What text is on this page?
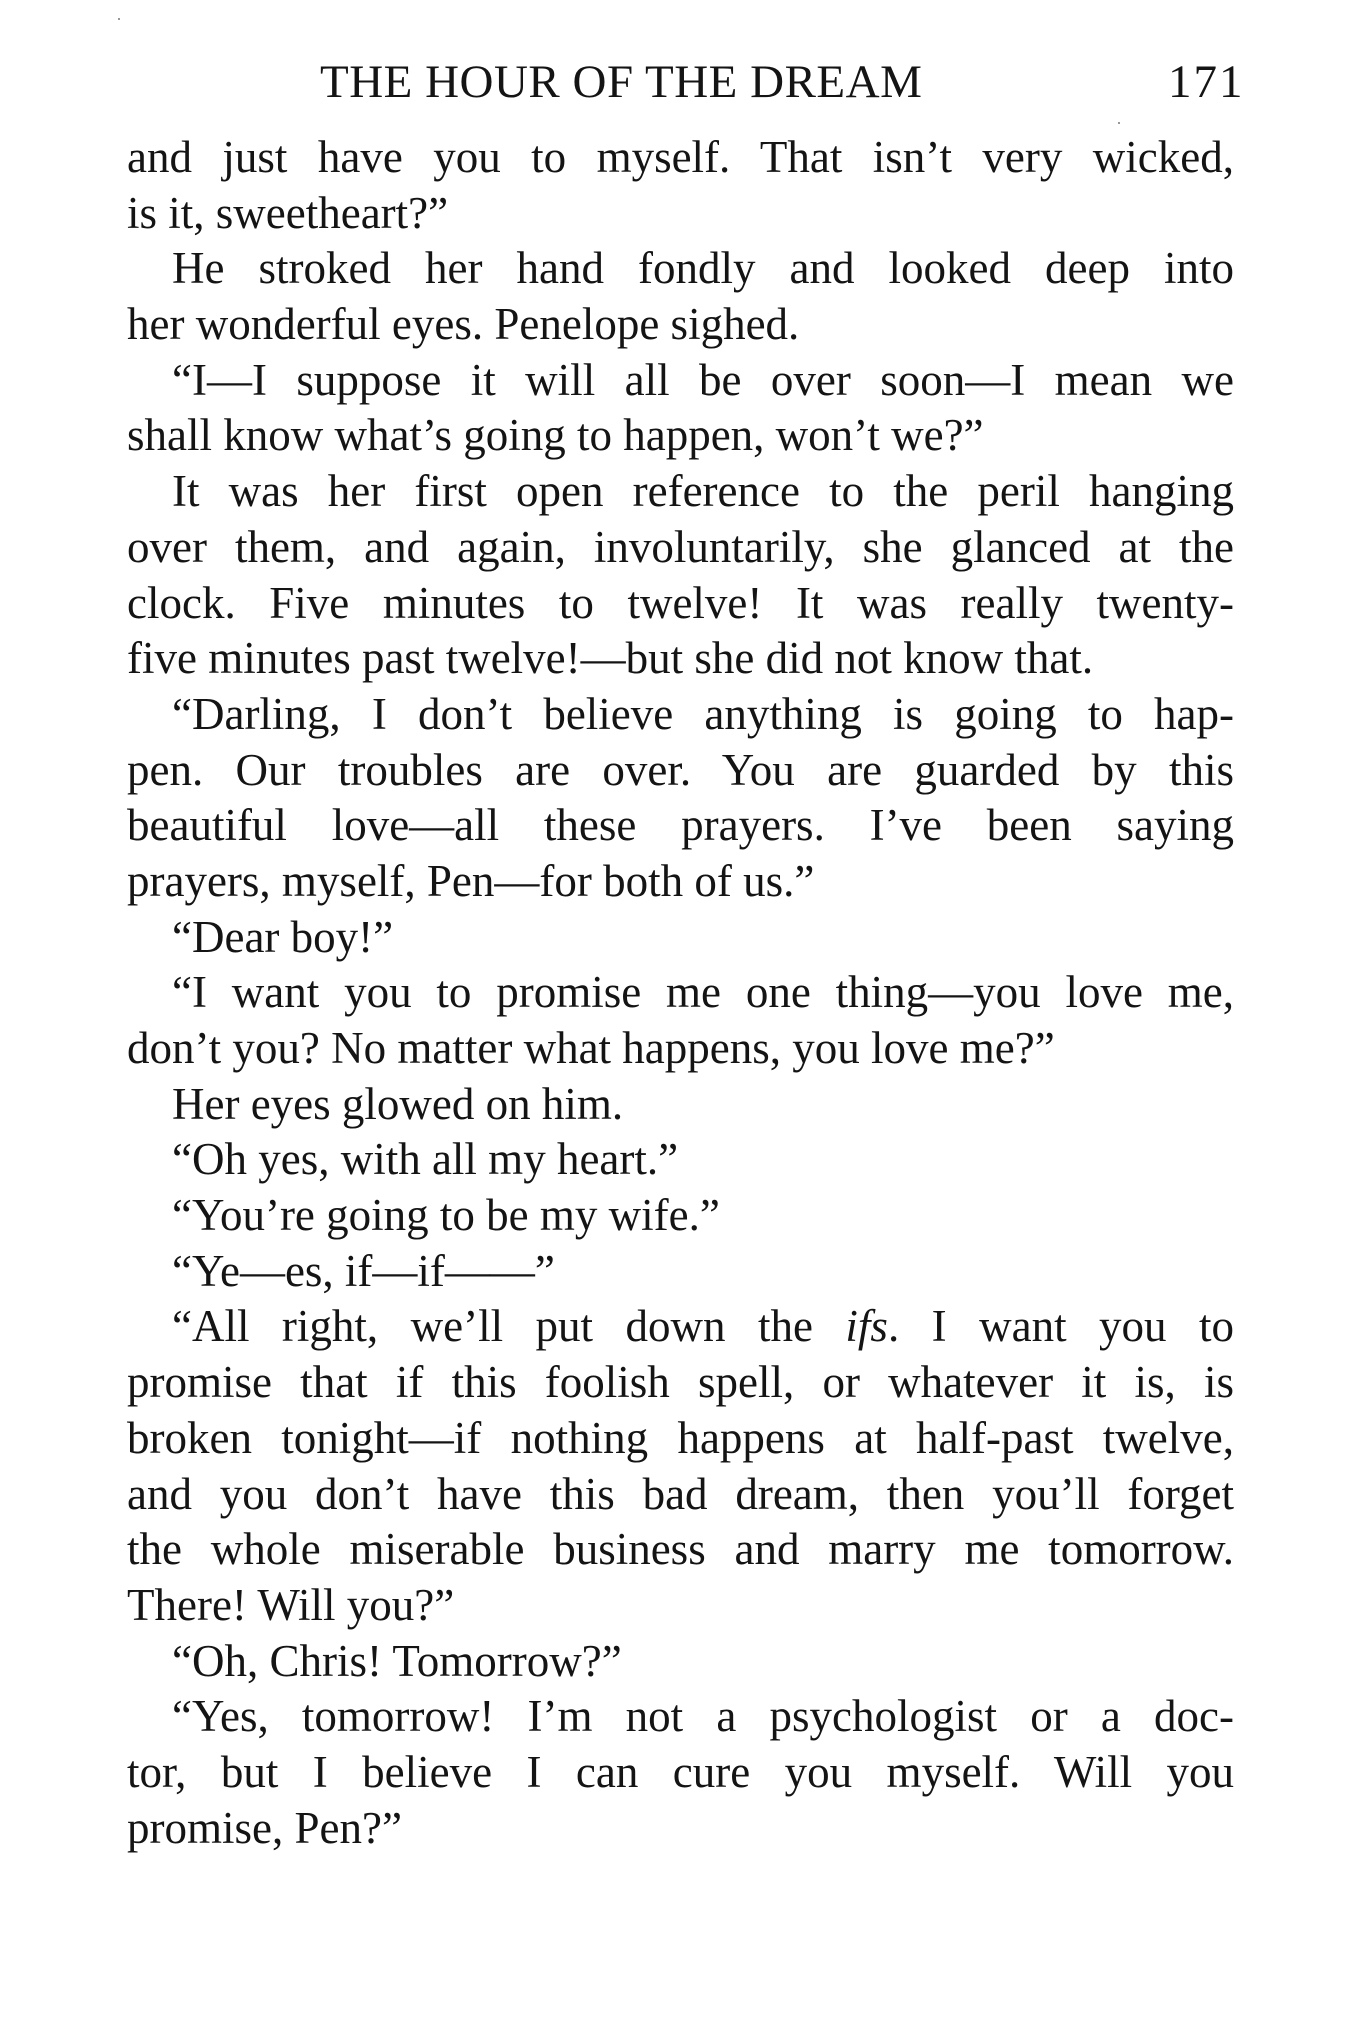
THE HOUR OF THE DREAM	171
and just have you to myself. That isn’t very wicked,
is it, sweetheart?”
He stroked her hand fondly and looked deep into
her wonderful eyes. Penelope sighed.
“I—I suppose it will all be over soon—I mean we
shall know what’s going to happen, won’t we?”
It was her first open reference to the peril hanging
over them, and again, involuntarily, she glanced at the
clock. Five minutes to twelve! It was really twenty-
five minutes past twelve!—but she did not know that.
“Darling, I don’t believe anything is going to hap-
pen. Our troubles are over. You are guarded by this
beautiful love—all these prayers. I’ve been saying
prayers, myself, Pen—for both of us.”
“Dear boy!”
“I want you to promise me one thing—you love me,
don’t you? No matter what happens, you love me?”
Her eyes glowed on him.
“Oh yes, with all my heart.”
“You’re going to be my wife.”
“Ye—es, if—if——”
“All right, we’ll put down the ifs. I want you to
promise that if this foolish spell, or whatever it is, is
broken tonight—if nothing happens at half-past twelve,
and you don’t have this bad dream, then you’ll forget
the whole miserable business and marry me tomorrow.
There! Will you?”
“Oh, Chris! Tomorrow?”
“Yes, tomorrow! I’m not a psychologist or a doc-
tor, but I believe I can cure you myself. Will you
promise, Pen?”
